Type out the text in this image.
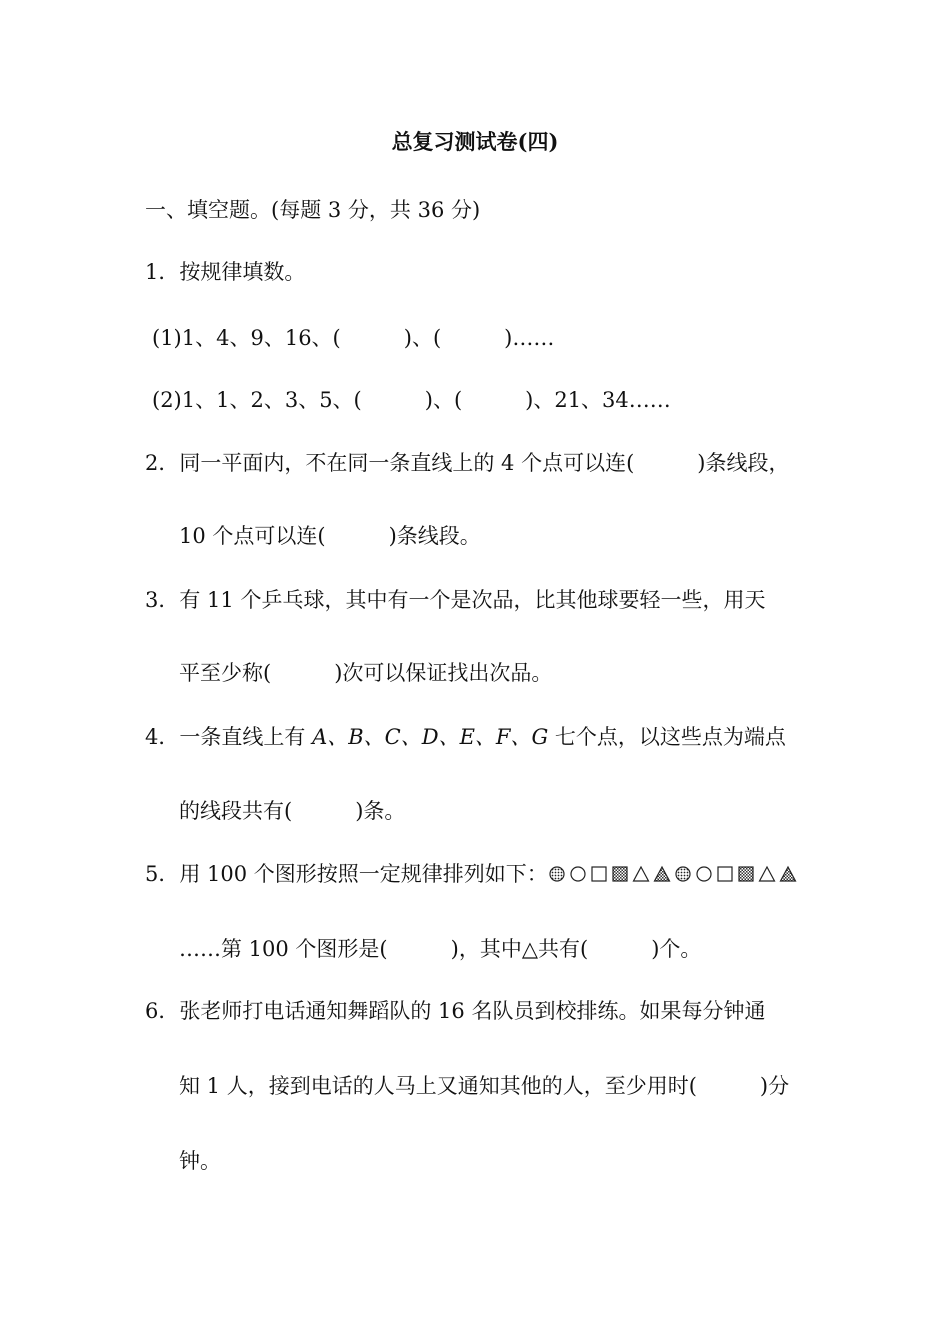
总复习测试卷(四)
一、填空题。(每题 3 分，共 36 分)
1．按规律填数。
(1)1、4、9、16、(	)、(	)……
(2)1、1、2、3、5、(	)、(	)、21、34……
2．同一平面内，不在同一条直线上的 4 个点可以连(	)条线段，
10 个点可以连(	)条线段。
3．有 11 个乒乓球，其中有一个是次品，比其他球要轻一些，用天
平至少称(	)次可以保证找出次品。
4．一条直线上有 A、B、C、D、E、F、G 七个点，以这些点为端点
的线段共有(	)条。
5．用 100 个图形按照一定规律排列如下：
……第 100 个图形是(	)，其中△共有(	)个。
6．张老师打电话通知舞蹈队的 16 名队员到校排练。如果每分钟通
知 1 人，接到电话的人马上又通知其他的人，至少用时(	)分
钟。
